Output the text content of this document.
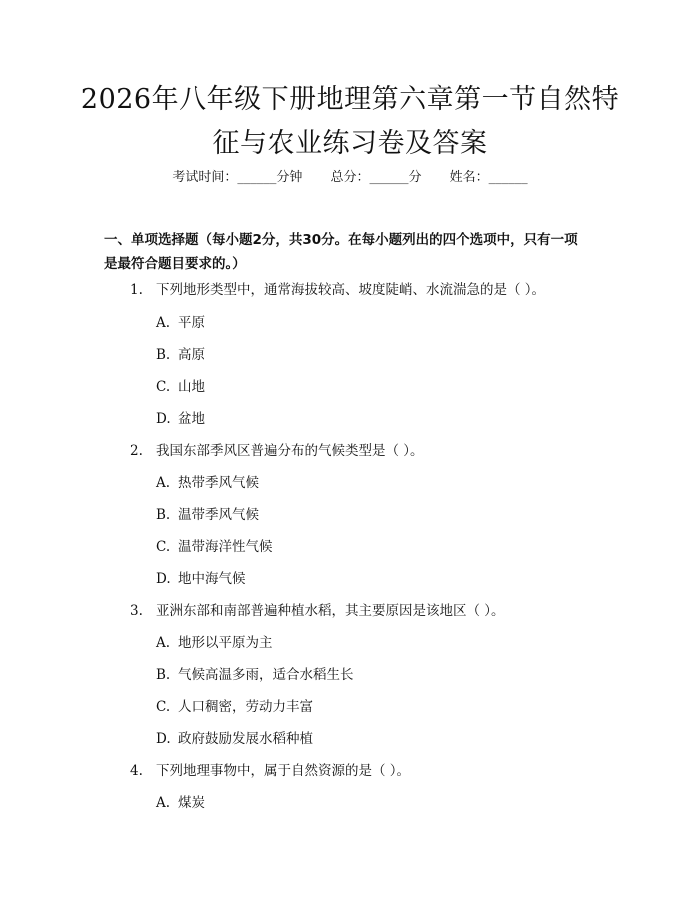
2026年八年级下册地理第六章第一节自然特
征与农业练习卷及答案
考试时间：______分钟 总分：______分 姓名：______
一、单项选择题（每小题2分，共30分。在每小题列出的四个选项中，只有一项
是最符合题目要求的。）
1. 下列地形类型中，通常海拔较高、坡度陡峭、水流湍急的是（ ）。
A. 平原
B. 高原
C. 山地
D. 盆地
2. 我国东部季风区普遍分布的气候类型是（ ）。
A. 热带季风气候
B. 温带季风气候
C. 温带海洋性气候
D. 地中海气候
3. 亚洲东部和南部普遍种植水稻，其主要原因是该地区（ ）。
A. 地形以平原为主
B. 气候高温多雨，适合水稻生长
C. 人口稠密，劳动力丰富
D. 政府鼓励发展水稻种植
4. 下列地理事物中，属于自然资源的是（ ）。
A. 煤炭
